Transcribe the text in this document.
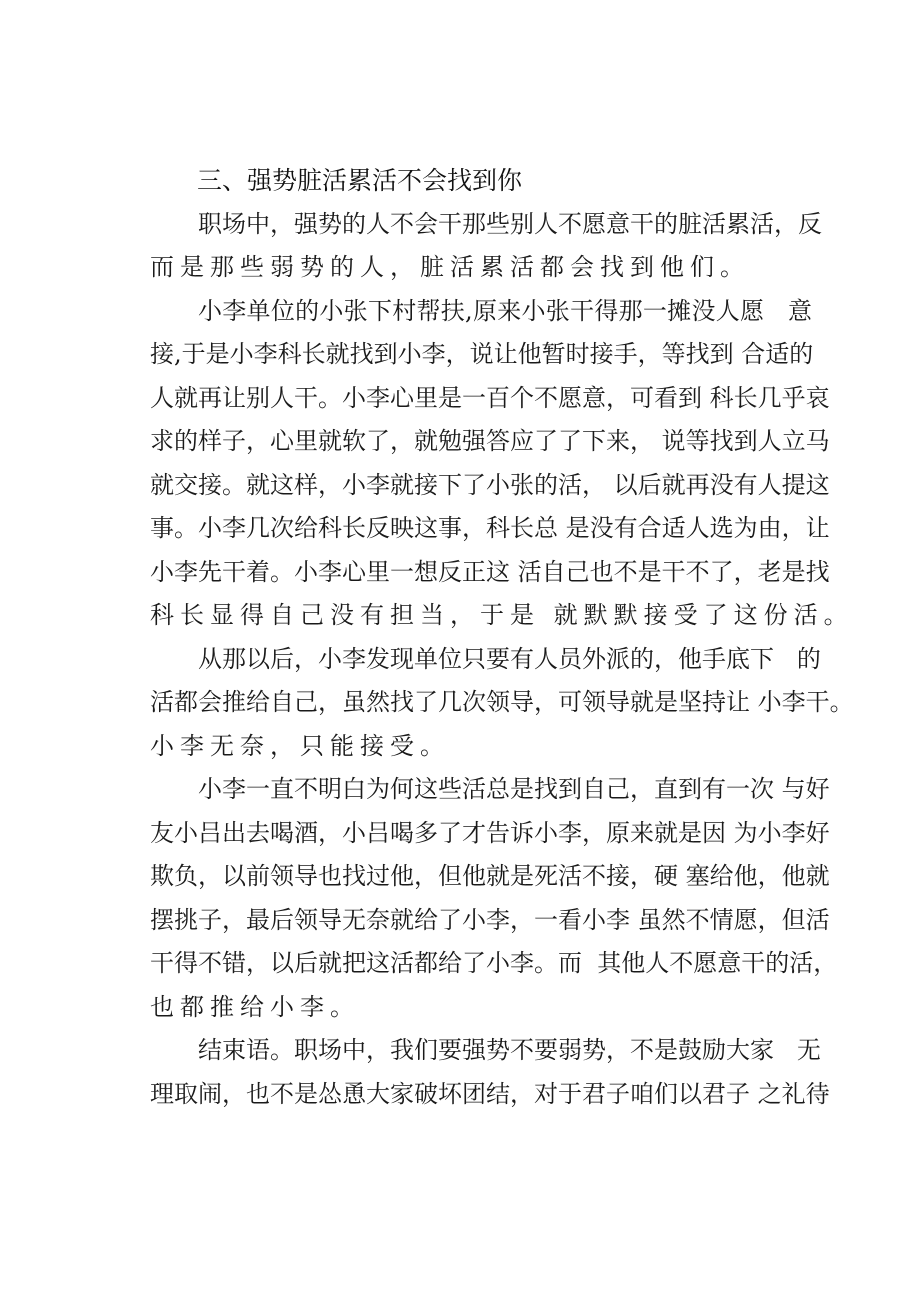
三、强势脏活累活不会找到你
职场中，强势的人不会干那些别人不愿意干的脏活累活，反
而是那些弱势的人，脏活累活都会找到他们。
小李单位的小张下村帮扶,原来小张干得那一摊没人愿   意
接,于是小李科长就找到小李，说让他暂时接手，等找到 合适的
人就再让别人干。小李心里是一百个不愿意，可看到 科长几乎哀
求的样子，心里就软了，就勉强答应了了下来， 说等找到人立马
就交接。就这样，小李就接下了小张的活， 以后就再没有人提这
事。小李几次给科长反映这事，科长总 是没有合适人选为由，让
小李先干着。小李心里一想反正这 活自己也不是干不了，老是找
科长显得自己没有担当，于是 就默默接受了这份活。
从那以后，小李发现单位只要有人员外派的，他手底下   的
活都会推给自己，虽然找了几次领导，可领导就是坚持让 小李干。
小李无奈，只能接受。
小李一直不明白为何这些活总是找到自己，直到有一次 与好
友小吕出去喝酒，小吕喝多了才告诉小李，原来就是因 为小李好
欺负，以前领导也找过他，但他就是死活不接，硬 塞给他，他就
摆挑子，最后领导无奈就给了小李，一看小李 虽然不情愿，但活
干得不错，以后就把这活都给了小李。而  其他人不愿意干的活，
也都推给小李。
结束语。职场中，我们要强势不要弱势，不是鼓励大家   无
理取闹，也不是怂恿大家破坏团结，对于君子咱们以君子 之礼待
